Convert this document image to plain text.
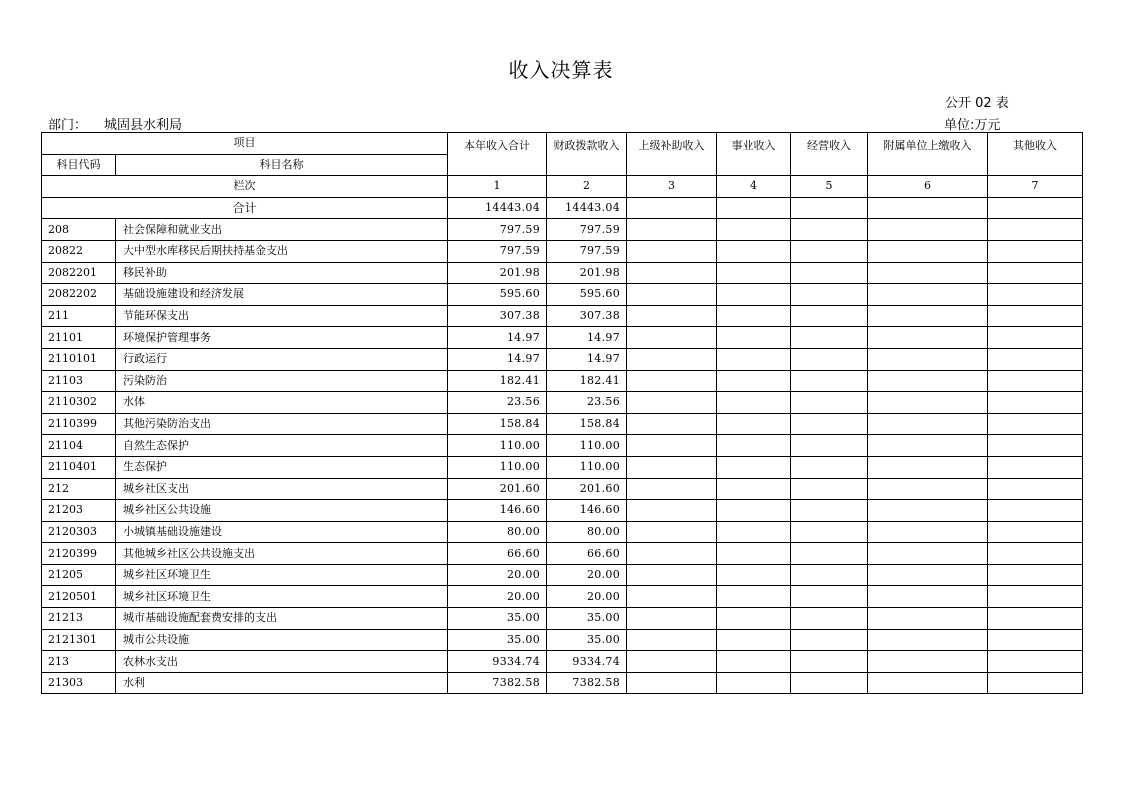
收入决算表
公开 02 表
部门： 城固县水利局	单位:万元
项目		本年收入合计	财政拨款收入	上级补助收入	事业收入	经营收入	附属单位上缴收入	其他收入
科目代码	科目名称							
栏次		1	2	3	4	5	6	7
合计		14443.04	14443.04					
208	社会保障和就业支出	797.59	797.59					
20822	大中型水库移民后期扶持基金支出	797.59	797.59					
2082201	移民补助	201.98	201.98					
2082202	基础设施建设和经济发展	595.60	595.60					
211	节能环保支出	307.38	307.38					
21101	环境保护管理事务	14.97	14.97					
2110101	行政运行	14.97	14.97					
21103	污染防治	182.41	182.41					
2110302	水体	23.56	23.56					
2110399	其他污染防治支出	158.84	158.84					
21104	自然生态保护	110.00	110.00					
2110401	生态保护	110.00	110.00					
212	城乡社区支出	201.60	201.60					
21203	城乡社区公共设施	146.60	146.60					
2120303	小城镇基础设施建设	80.00	80.00					
2120399	其他城乡社区公共设施支出	66.60	66.60					
21205	城乡社区环境卫生	20.00	20.00					
2120501	城乡社区环境卫生	20.00	20.00					
21213	城市基础设施配套费安排的支出	35.00	35.00					
2121301	城市公共设施	35.00	35.00					
213	农林水支出	9334.74	9334.74					
21303	水利	7382.58	7382.58					
